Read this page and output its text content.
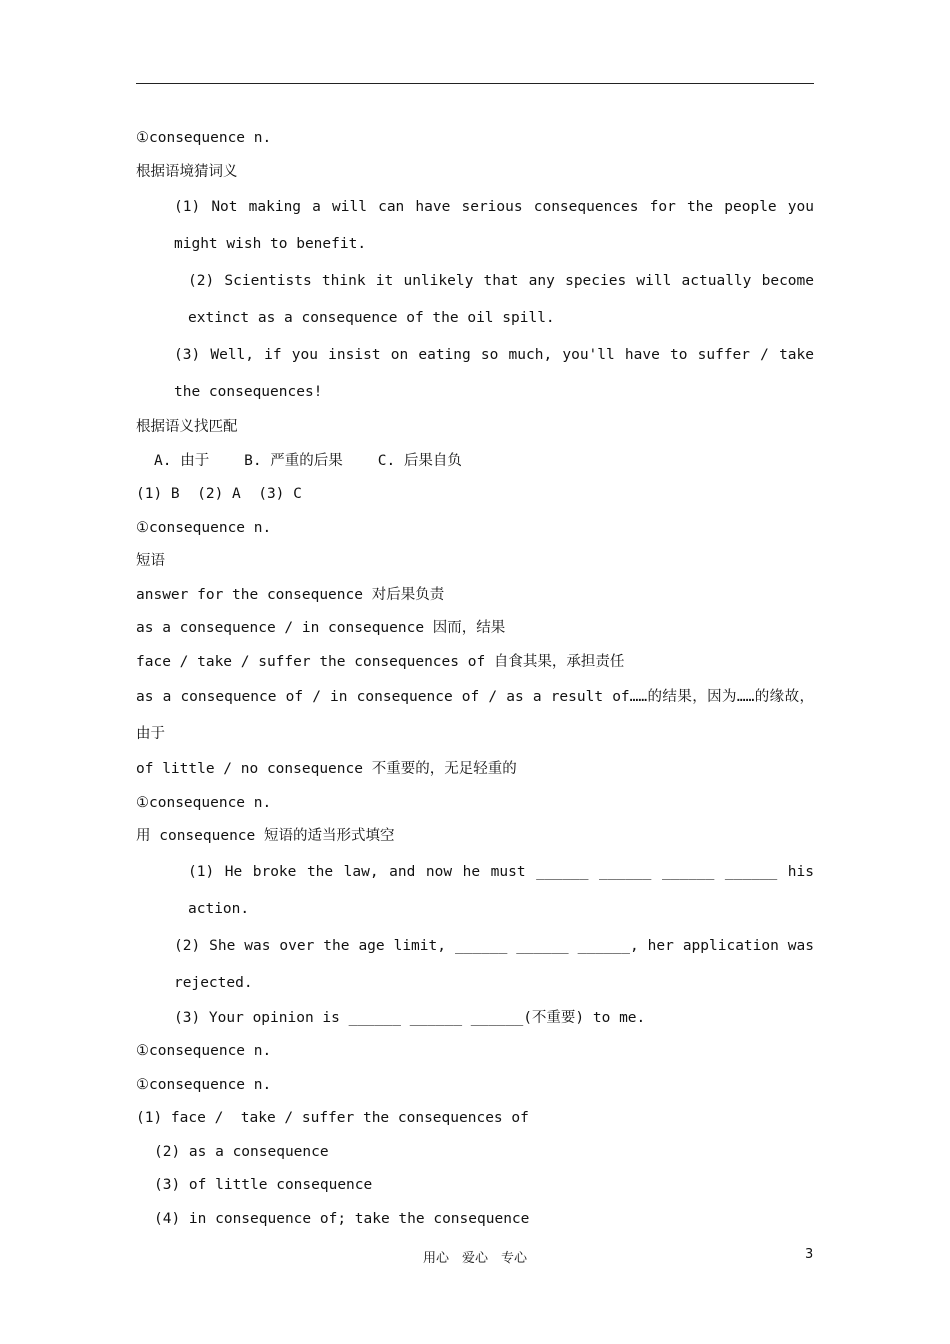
①consequence n.
根据语境猜词义
(1) Not making a will can have serious consequences for the people you might wish to benefit.
(2) Scientists think it unlikely that any species will actually become extinct as a consequence of the oil spill.
(3) Well, if you insist on eating so much, you'll have to suffer / take the consequences!
根据语义找匹配
A. 由于    B. 严重的后果    C. 后果自负
(1) B  (2) A  (3) C
①consequence n.
短语
answer for the consequence 对后果负责
as a consequence / in consequence 因而，结果
face / take / suffer the consequences of 自食其果，承担责任
as a consequence of / in consequence of / as a result of……的结果，因为……的缘故，由于
of little / no consequence 不重要的，无足轻重的
①consequence n.
用 consequence 短语的适当形式填空
(1) He broke the law, and now he must ______ ______ ______ ______ his action.
(2) She was over the age limit, ______ ______ ______, her application was rejected.
(3) Your opinion is ______ ______ ______(不重要) to me.
①consequence n.
①consequence n.
(1) face /  take / suffer the consequences of
(2) as a consequence
(3) of little consequence
(4) in consequence of; take the consequence
用心　爱心　专心	3
